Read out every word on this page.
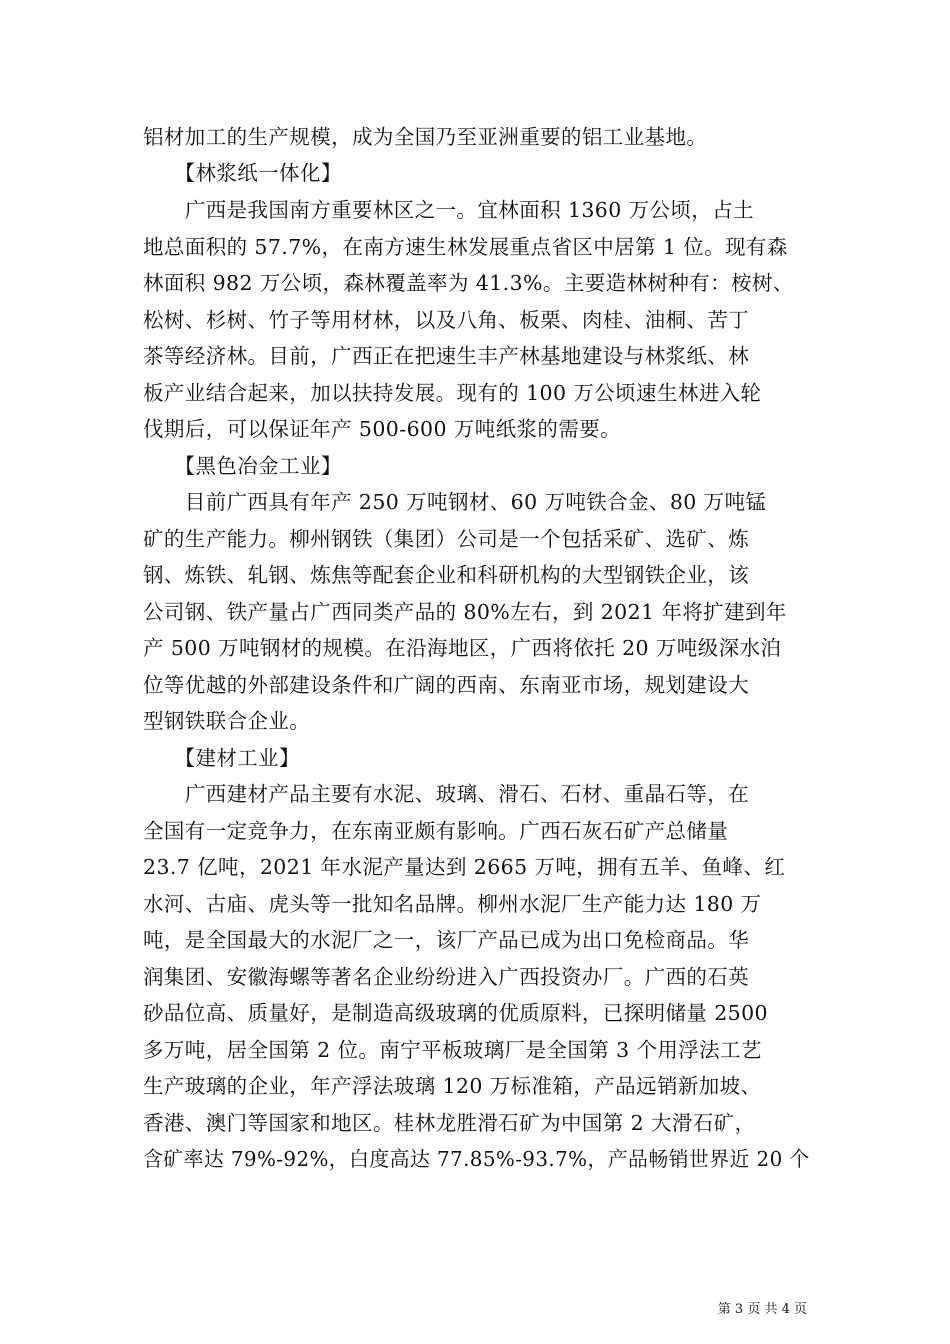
铝材加工的生产规模，成为全国乃至亚洲重要的铝工业基地。
　　【林浆纸一体化】
　　广西是我国南方重要林区之一。宜林面积 1360 万公顷，占土
地总面积的 57.7%，在南方速生林发展重点省区中居第 1 位。现有森
林面积 982 万公顷，森林覆盖率为 41.3%。主要造林树种有：桉树、
松树、杉树、竹子等用材林，以及八角、板栗、肉桂、油桐、苦丁
茶等经济林。目前，广西正在把速生丰产林基地建设与林浆纸、林
板产业结合起来，加以扶持发展。现有的 100 万公顷速生林进入轮
伐期后，可以保证年产 500-600 万吨纸浆的需要。
　　【黑色冶金工业】
　　目前广西具有年产 250 万吨钢材、60 万吨铁合金、80 万吨锰
矿的生产能力。柳州钢铁（集团）公司是一个包括采矿、选矿、炼
钢、炼铁、轧钢、炼焦等配套企业和科研机构的大型钢铁企业，该
公司钢、铁产量占广西同类产品的 80%左右，到 2021 年将扩建到年
产 500 万吨钢材的规模。在沿海地区，广西将依托 20 万吨级深水泊
位等优越的外部建设条件和广阔的西南、东南亚市场，规划建设大
型钢铁联合企业。
　　【建材工业】
　　广西建材产品主要有水泥、玻璃、滑石、石材、重晶石等，在
全国有一定竞争力，在东南亚颇有影响。广西石灰石矿产总储量
23.7 亿吨，2021 年水泥产量达到 2665 万吨，拥有五羊、鱼峰、红
水河、古庙、虎头等一批知名品牌。柳州水泥厂生产能力达 180 万
吨，是全国最大的水泥厂之一，该厂产品已成为出口免检商品。华
润集团、安徽海螺等著名企业纷纷进入广西投资办厂。广西的石英
砂品位高、质量好，是制造高级玻璃的优质原料，已探明储量 2500
多万吨，居全国第 2 位。南宁平板玻璃厂是全国第 3 个用浮法工艺
生产玻璃的企业，年产浮法玻璃 120 万标准箱，产品远销新加坡、
香港、澳门等国家和地区。桂林龙胜滑石矿为中国第 2 大滑石矿，
含矿率达 79%-92%，白度高达 77.85%-93.7%，产品畅销世界近 20 个
第 3 页 共 4 页
